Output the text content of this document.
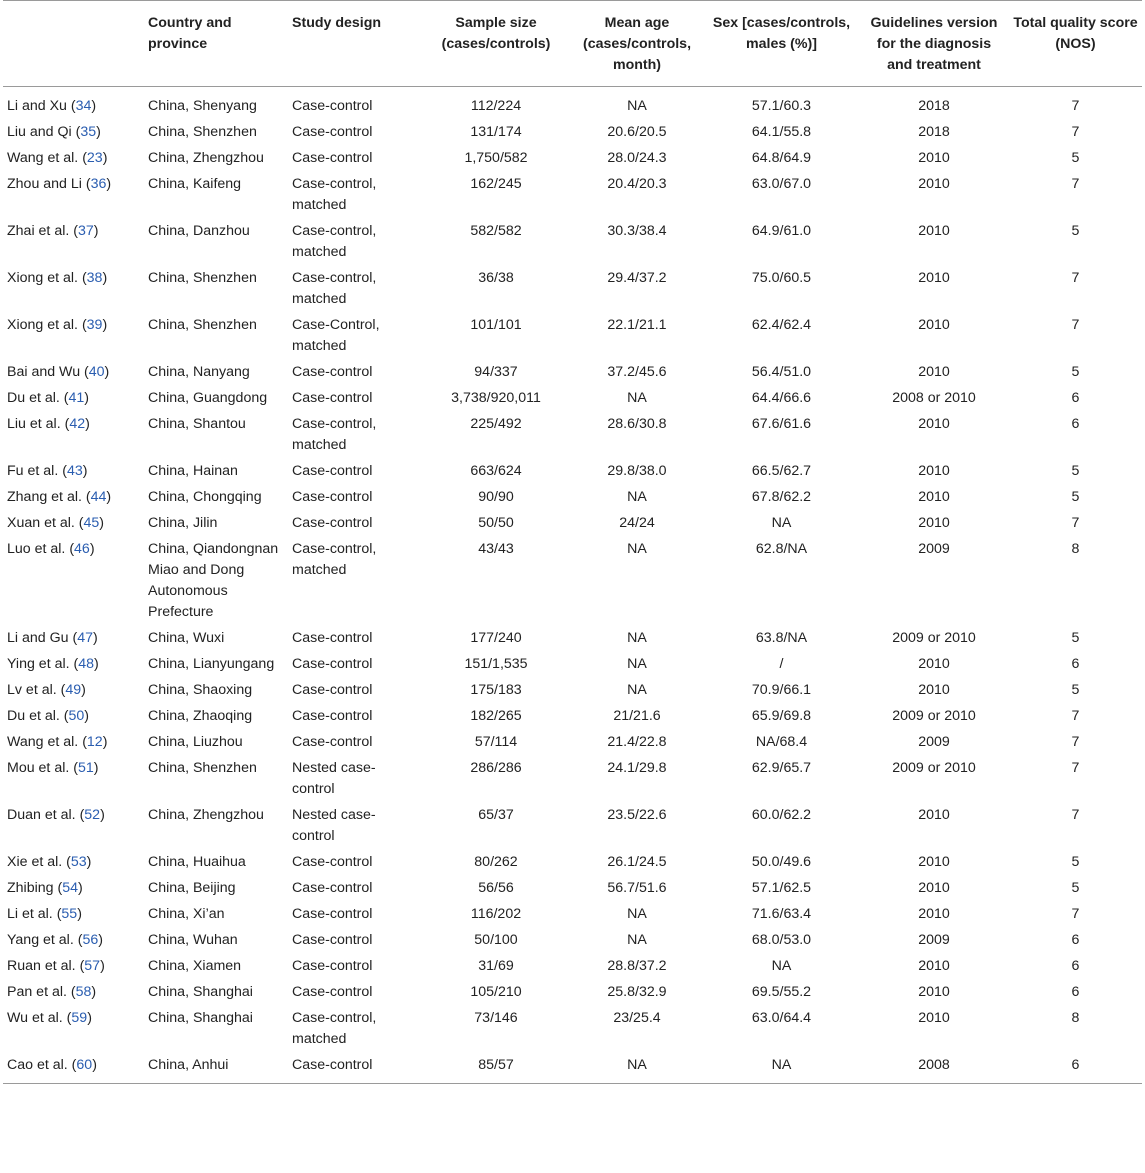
	Country and province	Study design	Sample size (cases/controls)	Mean age (cases/controls, month)	Sex [cases/controls, males (%)]	Guidelines version for the diagnosis and treatment	Total quality score (NOS)
Li and Xu (34)	China, Shenyang	Case-control	112/224	NA	57.1/60.3	2018	7
Liu and Qi (35)	China, Shenzhen	Case-control	131/174	20.6/20.5	64.1/55.8	2018	7
Wang et al. (23)	China, Zhengzhou	Case-control	1,750/582	28.0/24.3	64.8/64.9	2010	5
Zhou and Li (36)	China, Kaifeng	Case-control, matched	162/245	20.4/20.3	63.0/67.0	2010	7
Zhai et al. (37)	China, Danzhou	Case-control, matched	582/582	30.3/38.4	64.9/61.0	2010	5
Xiong et al. (38)	China, Shenzhen	Case-control, matched	36/38	29.4/37.2	75.0/60.5	2010	7
Xiong et al. (39)	China, Shenzhen	Case-Control, matched	101/101	22.1/21.1	62.4/62.4	2010	7
Bai and Wu (40)	China, Nanyang	Case-control	94/337	37.2/45.6	56.4/51.0	2010	5
Du et al. (41)	China, Guangdong	Case-control	3,738/920,011	NA	64.4/66.6	2008 or 2010	6
Liu et al. (42)	China, Shantou	Case-control, matched	225/492	28.6/30.8	67.6/61.6	2010	6
Fu et al. (43)	China, Hainan	Case-control	663/624	29.8/38.0	66.5/62.7	2010	5
Zhang et al. (44)	China, Chongqing	Case-control	90/90	NA	67.8/62.2	2010	5
Xuan et al. (45)	China, Jilin	Case-control	50/50	24/24	NA	2010	7
Luo et al. (46)	China, Qiandongnan Miao and Dong Autonomous Prefecture	Case-control, matched	43/43	NA	62.8/NA	2009	8
Li and Gu (47)	China, Wuxi	Case-control	177/240	NA	63.8/NA	2009 or 2010	5
Ying et al. (48)	China, Lianyungang	Case-control	151/1,535	NA	/	2010	6
Lv et al. (49)	China, Shaoxing	Case-control	175/183	NA	70.9/66.1	2010	5
Du et al. (50)	China, Zhaoqing	Case-control	182/265	21/21.6	65.9/69.8	2009 or 2010	7
Wang et al. (12)	China, Liuzhou	Case-control	57/114	21.4/22.8	NA/68.4	2009	7
Mou et al. (51)	China, Shenzhen	Nested case-control	286/286	24.1/29.8	62.9/65.7	2009 or 2010	7
Duan et al. (52)	China, Zhengzhou	Nested case-control	65/37	23.5/22.6	60.0/62.2	2010	7
Xie et al. (53)	China, Huaihua	Case-control	80/262	26.1/24.5	50.0/49.6	2010	5
Zhibing (54)	China, Beijing	Case-control	56/56	56.7/51.6	57.1/62.5	2010	5
Li et al. (55)	China, Xi’an	Case-control	116/202	NA	71.6/63.4	2010	7
Yang et al. (56)	China, Wuhan	Case-control	50/100	NA	68.0/53.0	2009	6
Ruan et al. (57)	China, Xiamen	Case-control	31/69	28.8/37.2	NA	2010	6
Pan et al. (58)	China, Shanghai	Case-control	105/210	25.8/32.9	69.5/55.2	2010	6
Wu et al. (59)	China, Shanghai	Case-control, matched	73/146	23/25.4	63.0/64.4	2010	8
Cao et al. (60)	China, Anhui	Case-control	85/57	NA	NA	2008	6
